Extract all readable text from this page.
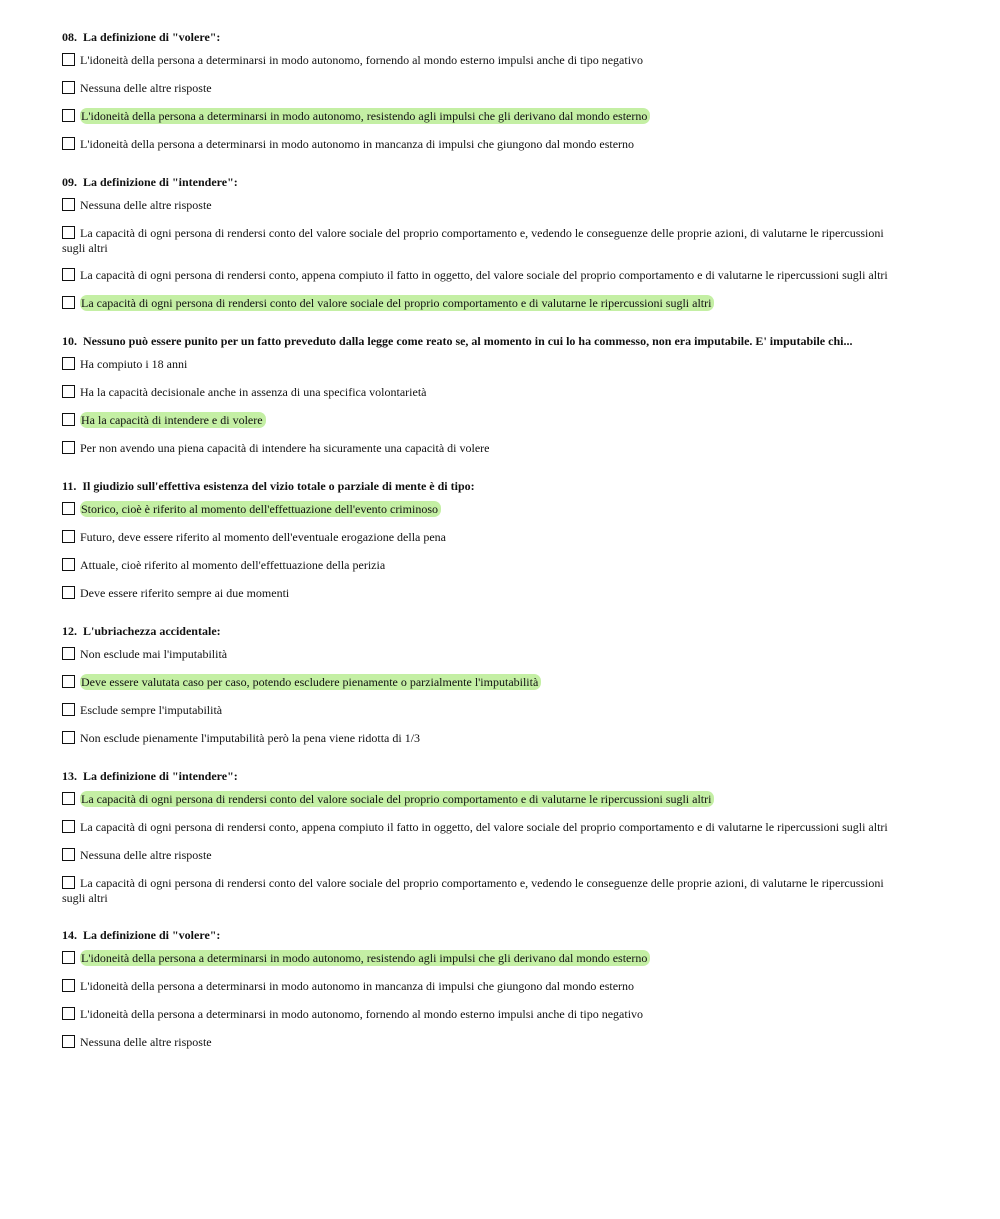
08. La definizione di "volere":
L'idoneità della persona a determinarsi in modo autonomo, fornendo al mondo esterno impulsi anche di tipo negativo
Nessuna delle altre risposte
L'idoneità della persona a determinarsi in modo autonomo, resistendo agli impulsi che gli derivano dal mondo esterno
L'idoneità della persona a determinarsi in modo autonomo in mancanza di impulsi che giungono dal mondo esterno
09. La definizione di "intendere":
Nessuna delle altre risposte
La capacità di ogni persona di rendersi conto del valore sociale del proprio comportamento e, vedendo le conseguenze delle proprie azioni, di valutarne le ripercussioni
sugli altri
La capacità di ogni persona di rendersi conto, appena compiuto il fatto in oggetto, del valore sociale del proprio comportamento e di valutarne le ripercussioni sugli altri
La capacità di ogni persona di rendersi conto del valore sociale del proprio comportamento e di valutarne le ripercussioni sugli altri
10. Nessuno può essere punito per un fatto preveduto dalla legge come reato se, al momento in cui lo ha commesso, non era imputabile. E' imputabile chi...
Ha compiuto i 18 anni
Ha la capacità decisionale anche in assenza di una specifica volontarietà
Ha la capacità di intendere e di volere
Per non avendo una piena capacità di intendere ha sicuramente una capacità di volere
11. Il giudizio sull'effettiva esistenza del vizio totale o parziale di mente è di tipo:
Storico, cioè è riferito al momento dell'effettuazione dell'evento criminoso
Futuro, deve essere riferito al momento dell'eventuale erogazione della pena
Attuale, cioè riferito al momento dell'effettuazione della perizia
Deve essere riferito sempre ai due momenti
12. L'ubriachezza accidentale:
Non esclude mai l'imputabilità
Deve essere valutata caso per caso, potendo escludere pienamente o parzialmente l'imputabilità
Esclude sempre l'imputabilità
Non esclude pienamente l'imputabilità però la pena viene ridotta di 1/3
13. La definizione di "intendere":
La capacità di ogni persona di rendersi conto del valore sociale del proprio comportamento e di valutarne le ripercussioni sugli altri
La capacità di ogni persona di rendersi conto, appena compiuto il fatto in oggetto, del valore sociale del proprio comportamento e di valutarne le ripercussioni sugli altri
Nessuna delle altre risposte
La capacità di ogni persona di rendersi conto del valore sociale del proprio comportamento e, vedendo le conseguenze delle proprie azioni, di valutarne le ripercussioni
sugli altri
14. La definizione di "volere":
L'idoneità della persona a determinarsi in modo autonomo, resistendo agli impulsi che gli derivano dal mondo esterno
L'idoneità della persona a determinarsi in modo autonomo in mancanza di impulsi che giungono dal mondo esterno
L'idoneità della persona a determinarsi in modo autonomo, fornendo al mondo esterno impulsi anche di tipo negativo
Nessuna delle altre risposte
